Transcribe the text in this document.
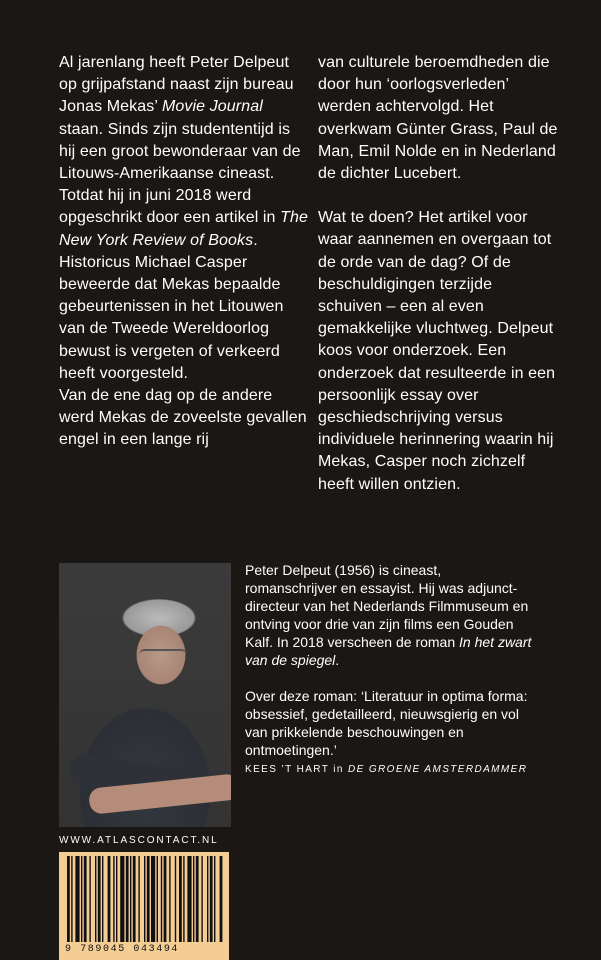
Al jarenlang heeft Peter Delpeut op grijpafstand naast zijn bureau Jonas Mekas’ Movie Journal staan. Sinds zijn studententijd is hij een groot bewonderaar van de Litouws-Amerikaanse cineast.

Totdat hij in juni 2018 werd opgeschrikt door een artikel in The New York Review of Books. Historicus Michael Casper beweerde dat Mekas bepaalde gebeurtenissen in het Litouwen van de Tweede Wereldoorlog bewust is vergeten of verkeerd heeft voorgesteld.

Van de ene dag op de andere werd Mekas de zoveelste gevallen engel in een lange rij

van culturele beroemdheden die door hun ‘oorlogsverleden’ werden achtervolgd. Het overkwam Günter Grass, Paul de Man, Emil Nolde en in Nederland de dichter Lucebert.

Wat te doen? Het artikel voor waar aannemen en overgaan tot de orde van de dag? Of de beschuldigingen terzijde schuiven – een al even gemakkelijke vluchtweg. Delpeut koos voor onderzoek. Een onderzoek dat resulteerde in een persoonlijk essay over geschiedschrijving versus individuele herinnering waarin hij Mekas, Casper noch zichzelf heeft willen ontzien.

Peter Delpeut (1956) is cineast, romanschrijver en essayist. Hij was adjunct-directeur van het Nederlands Filmmuseum en ontving voor drie van zijn films een Gouden Kalf. In 2018 verscheen de roman In het zwart van de spiegel.

Over deze roman: ‘Literatuur in optima forma: obsessief, gedetailleerd, nieuwsgierig en vol van prikkelende beschouwingen en ontmoetingen.’

KEES ’T HART in DE GROENE AMSTERDAMMER
WWW.ATLASCONTACT.NL
9 789045 043494
